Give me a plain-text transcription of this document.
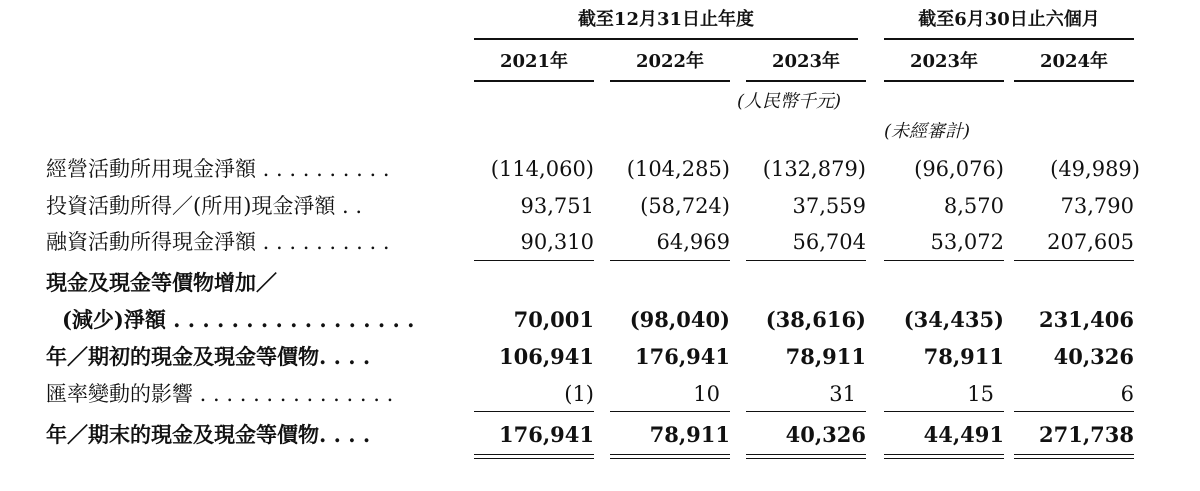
截至12月31日止年度	截至6月30日止六個月
2021年	2022年	2023年	2023年	2024年
(人民幣千元)
(未經審計)
經營活動所用現金淨額 . . . . . . . . . .	(114,060)	(104,285)	(132,879)	(96,076)	(49,989)
投資活動所得／(所用)現金淨額 . .	93,751	(58,724)	37,559	8,570	73,790
融資活動所得現金淨額 . . . . . . . . . .	90,310	64,969	56,704	53,072	207,605
現金及現金等價物增加／
(減少)淨額 . . . . . . . . . . . . . . . . .	70,001	(98,040)	(38,616)	(34,435)	231,406
年／期初的現金及現金等價物. . . .	106,941	176,941	78,911	78,911	40,326
匯率變動的影響 . . . . . . . . . . . . . . .	(1)	10	31	15	6
年／期末的現金及現金等價物. . . .	176,941	78,911	40,326	44,491	271,738
